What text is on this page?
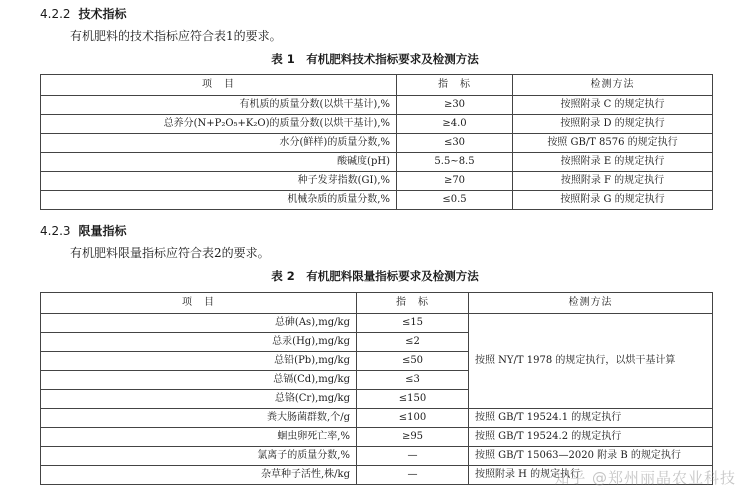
4.2.2 技术指标
有机肥料的技术指标应符合表1的要求。
表 1　有机肥料技术指标要求及检测方法
项　目	指　标	检测方法
有机质的质量分数(以烘干基计),%	≥30	按照附录 C 的规定执行
总养分(N+P₂O₅+K₂O)的质量分数(以烘干基计),%	≥4.0	按照附录 D 的规定执行
水分(鲜样)的质量分数,%	≤30	按照 GB/T 8576 的规定执行
酸碱度(pH)	5.5~8.5	按照附录 E 的规定执行
种子发芽指数(GI),%	≥70	按照附录 F 的规定执行
机械杂质的质量分数,%	≤0.5	按照附录 G 的规定执行
4.2.3 限量指标
有机肥料限量指标应符合表2的要求。
表 2　有机肥料限量指标要求及检测方法
项　目	指　标	检测方法
总砷(As),mg/kg	≤15	按照 NY/T 1978 的规定执行，以烘干基计算
总汞(Hg),mg/kg	≤2	
总铅(Pb),mg/kg	≤50	
总镉(Cd),mg/kg	≤3	
总铬(Cr),mg/kg	≤150	
粪大肠菌群数,个/g	≤100	按照 GB/T 19524.1 的规定执行
蛔虫卵死亡率,%	≥95	按照 GB/T 19524.2 的规定执行
氯离子的质量分数,%	—	按照 GB/T 15063—2020 附录 B 的规定执行
杂草种子活性,株/kg	—	按照附录 H 的规定执行
知乎 @郑州丽晶农业科技
